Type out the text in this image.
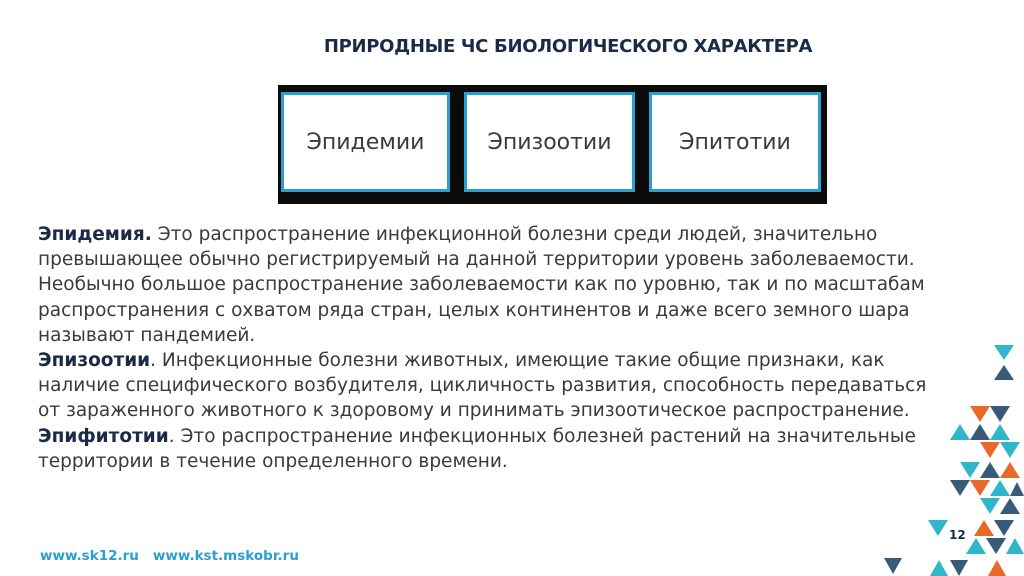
ПРИРОДНЫЕ ЧС БИОЛОГИЧЕСКОГО ХАРАКТЕРА
Эпидемии	Эпизоотии	Эпитотии

Эпидемия. Это распространение инфекционной болезни среди людей, значительно превышающее обычно регистрируемый на данной территории уровень заболеваемости. Необычно большое распространение заболеваемости как по уровню, так и по масштабам распространения с охватом ряда стран, целых континентов и даже всего земного шара называют пандемией.

Эпизоотии. Инфекционные болезни животных, имеющие такие общие признаки, как наличие специфического возбудителя, цикличность развития, способность передаваться от зараженного животного к здоровому и принимать эпизоотическое распространение.

Эпифитотии. Это распространение инфекционных болезней растений на значительные территории в течение определенного времени.

www.sk12.ru www.kst.mskobr.ru
12
